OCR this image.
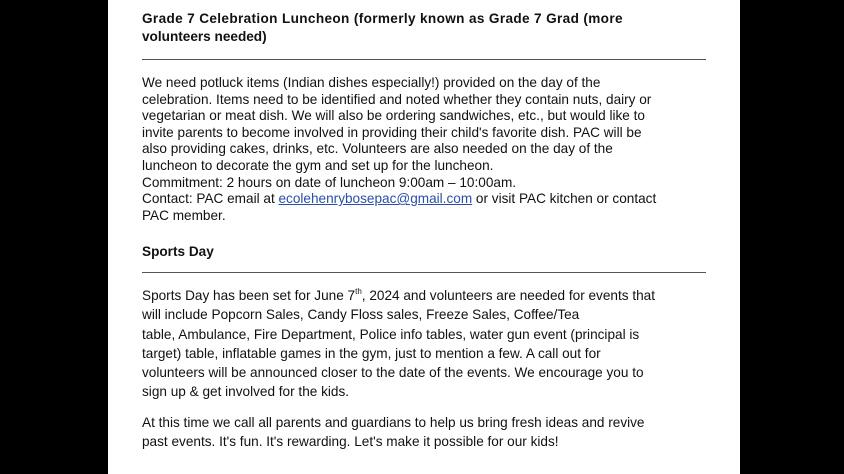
Grade 7 Celebration Luncheon (formerly known as Grade 7 Grad (more
volunteers needed)
We need potluck items (Indian dishes especially!) provided on the day of the
celebration. Items need to be identified and noted whether they contain nuts, dairy or
vegetarian or meat dish. We will also be ordering sandwiches, etc., but would like to
invite parents to become involved in providing their child's favorite dish. PAC will be
also providing cakes, drinks, etc. Volunteers are also needed on the day of the
luncheon to decorate the gym and set up for the luncheon.
Commitment: 2 hours on date of luncheon 9:00am – 10:00am.
Contact: PAC email at ecolehenrybosepac@gmail.com or visit PAC kitchen or contact
PAC member.
Sports Day
Sports Day has been set for June 7th, 2024 and volunteers are needed for events that
will include Popcorn Sales, Candy Floss sales, Freeze Sales, Coffee/Tea
table, Ambulance, Fire Department, Police info tables, water gun event (principal is
target) table, inflatable games in the gym, just to mention a few. A call out for
volunteers will be announced closer to the date of the events. We encourage you to
sign up & get involved for the kids.
At this time we call all parents and guardians to help us bring fresh ideas and revive
past events. It's fun. It's rewarding. Let's make it possible for our kids!
